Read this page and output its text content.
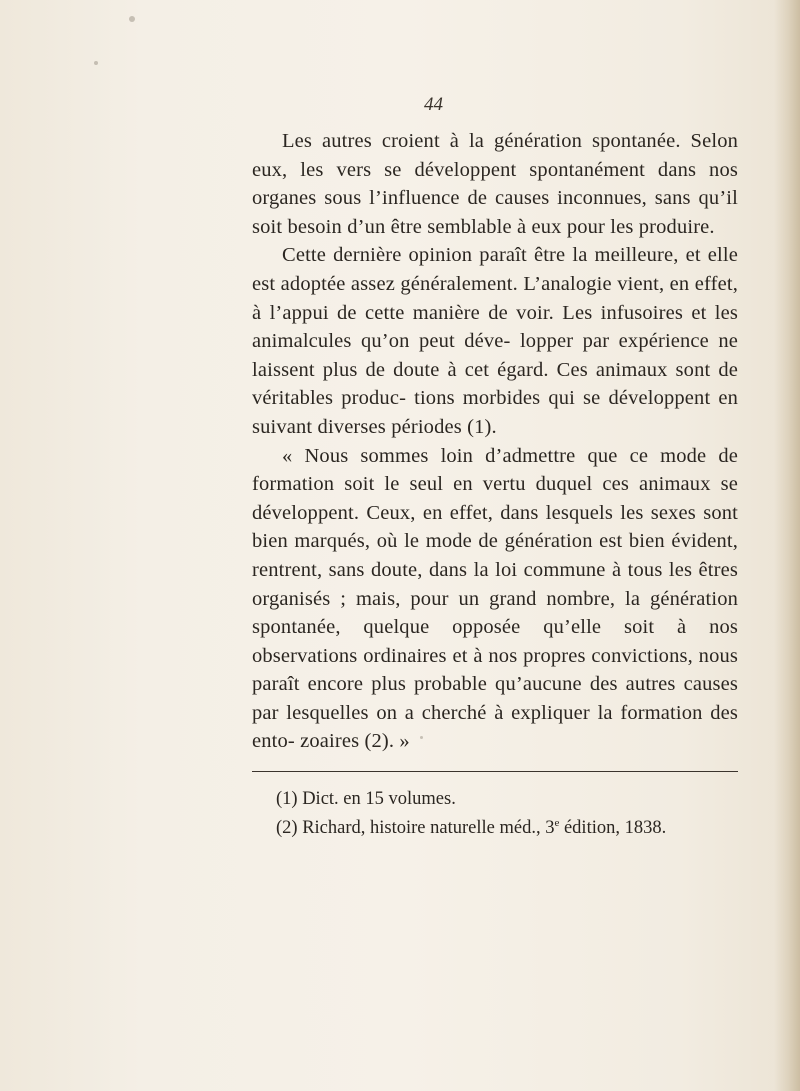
44

Les autres croient à la génération spontanée. Selon eux, les vers se développent spontanément dans nos organes sous l’influence de causes inconnues, sans qu’il soit besoin d’un être semblable à eux pour les produire.

Cette dernière opinion paraît être la meilleure, et elle est adoptée assez généralement. L’analogie vient, en effet, à l’appui de cette manière de voir. Les infusoires et les animalcules qu’on peut déve- lopper par expérience ne laissent plus de doute à cet égard. Ces animaux sont de véritables produc- tions morbides qui se développent en suivant diverses périodes (1).

« Nous sommes loin d’admettre que ce mode de formation soit le seul en vertu duquel ces animaux se développent. Ceux, en effet, dans lesquels les sexes sont bien marqués, où le mode de génération est bien évident, rentrent, sans doute, dans la loi commune à tous les êtres organisés ; mais, pour un grand nombre, la génération spontanée, quelque opposée qu’elle soit à nos observations ordinaires et à nos propres convictions, nous paraît encore plus probable qu’aucune des autres causes par lesquelles on a cherché à expliquer la formation des ento- zoaires (2). »

(1) Dict. en 15 volumes.
(2) Richard, histoire naturelle méd., 3e édition, 1838.
